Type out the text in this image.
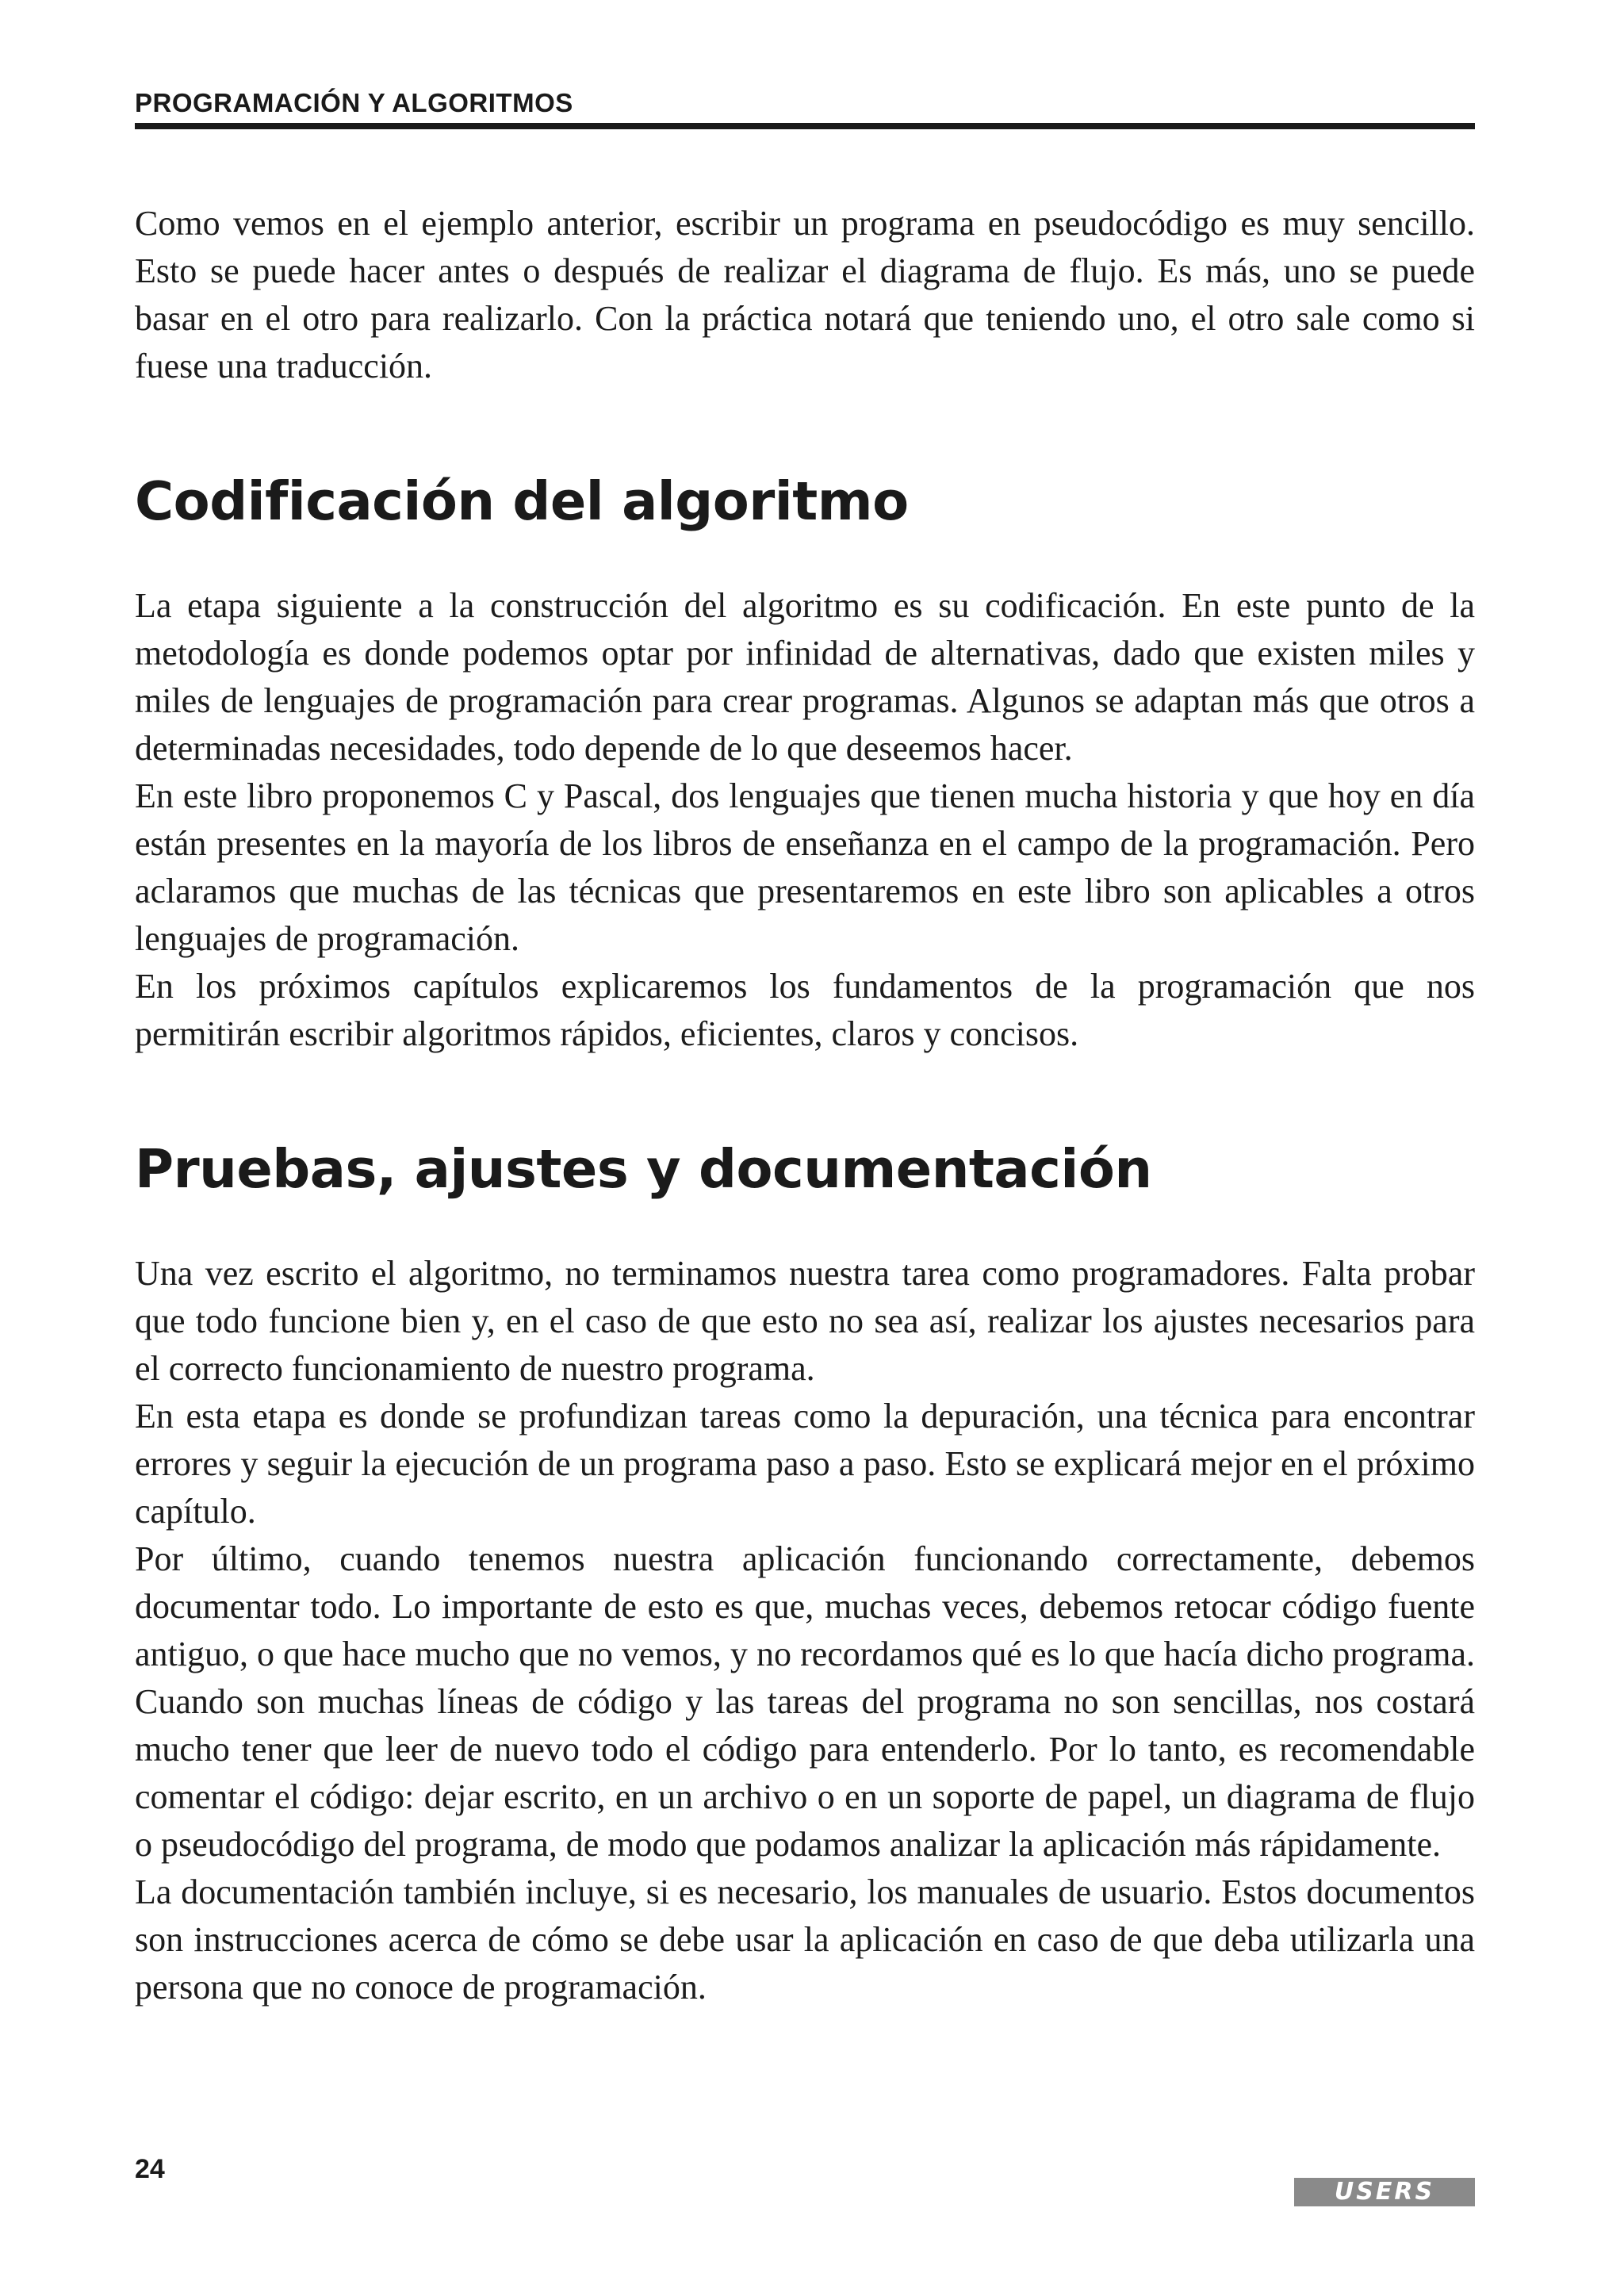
PROGRAMACIÓN Y ALGORITMOS

Como vemos en el ejemplo anterior, escribir un programa en pseudocódigo es muy sencillo. Esto se puede hacer antes o después de realizar el diagrama de flujo. Es más, uno se puede basar en el otro para realizarlo. Con la práctica notará que teniendo uno, el otro sale como si fuese una traducción.

Codificación del algoritmo

La etapa siguiente a la construcción del algoritmo es su codificación. En este punto de la metodología es donde podemos optar por infinidad de alternativas, dado que existen miles y miles de lenguajes de programación para crear programas. Algunos se adaptan más que otros a determinadas necesidades, todo depende de lo que deseemos hacer.

En este libro proponemos C y Pascal, dos lenguajes que tienen mucha historia y que hoy en día están presentes en la mayoría de los libros de enseñanza en el campo de la programación. Pero aclaramos que muchas de las técnicas que presentaremos en este libro son aplicables a otros lenguajes de programación.

En los próximos capítulos explicaremos los fundamentos de la programación que nos permitirán escribir algoritmos rápidos, eficientes, claros y concisos.

Pruebas, ajustes y documentación

Una vez escrito el algoritmo, no terminamos nuestra tarea como programadores. Falta probar que todo funcione bien y, en el caso de que esto no sea así, realizar los ajustes necesarios para el correcto funcionamiento de nuestro programa.

En esta etapa es donde se profundizan tareas como la depuración, una técnica para encontrar errores y seguir la ejecución de un programa paso a paso. Esto se explicará mejor en el próximo capítulo.

Por último, cuando tenemos nuestra aplicación funcionando correctamente, debemos documentar todo. Lo importante de esto es que, muchas veces, debemos retocar código fuente antiguo, o que hace mucho que no vemos, y no recordamos qué es lo que hacía dicho programa. Cuando son muchas líneas de código y las tareas del programa no son sencillas, nos costará mucho tener que leer de nuevo todo el código para entenderlo. Por lo tanto, es recomendable comentar el código: dejar escrito, en un archivo o en un soporte de papel, un diagrama de flujo o pseudocódigo del programa, de modo que podamos analizar la aplicación más rápidamente.

La documentación también incluye, si es necesario, los manuales de usuario. Estos documentos son instrucciones acerca de cómo se debe usar la aplicación en caso de que deba utilizarla una persona que no conoce de programación.

24
USERS
